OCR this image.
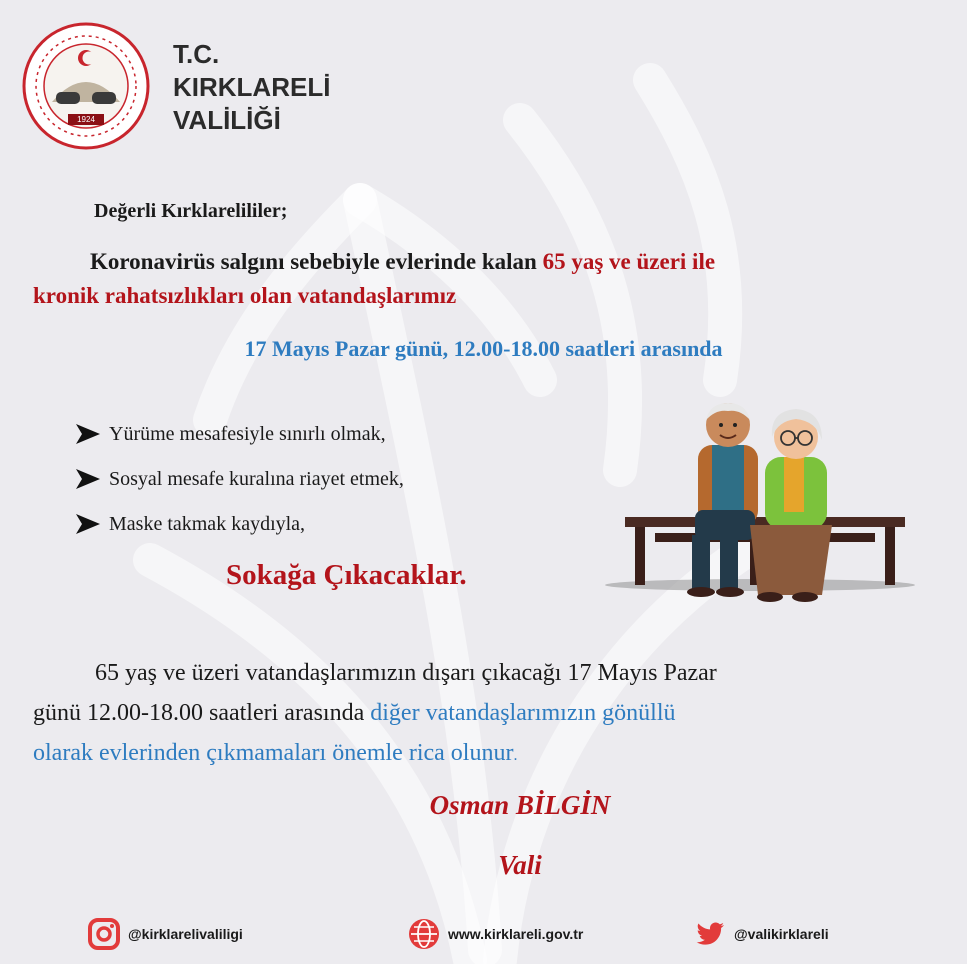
1924
T.C.
KIRKLARELİ
VALİLİĞİ
Değerli Kırklarelililer;
Koronavirüs salgını sebebiyle evlerinde kalan 65 yaş ve üzeri ile
kronik rahatsızlıkları olan vatandaşlarımız
17 Mayıs Pazar günü, 12.00-18.00 saatleri arasında
Yürüme mesafesiyle sınırlı olmak,
Sosyal mesafe kuralına riayet etmek,
Maske takmak kaydıyla,
Sokağa Çıkacaklar.
65 yaş ve üzeri vatandaşlarımızın dışarı çıkacağı 17 Mayıs Pazar
günü 12.00-18.00 saatleri arasında diğer vatandaşlarımızın gönüllü
olarak evlerinden çıkmamaları önemle rica olunur.
Osman BİLGİN
Vali
@kirklarelivaliligi	www.kirklareli.gov.tr	@valikirklareli
